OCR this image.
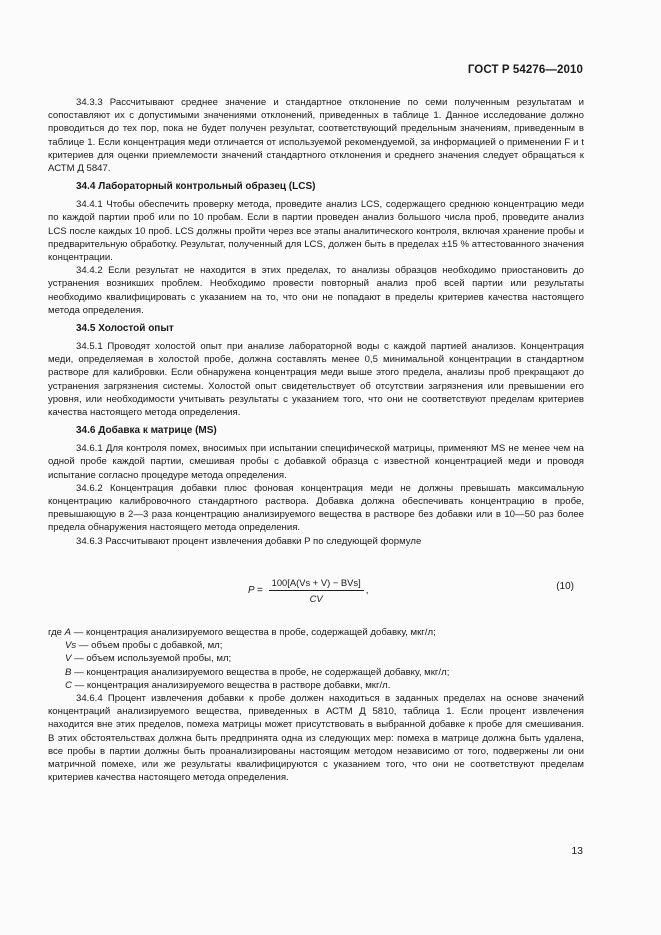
ГОСТ Р 54276—2010

34.3.3 Рассчитывают среднее значение и стандартное отклонение по семи полученным результатам и сопоставляют их с допустимыми значениями отклонений, приведенных в таблице 1. Данное исследование должно проводиться до тех пор, пока не будет получен результат, соответствующий предельным значениям, приведенным в таблице 1. Если концентрация меди отличается от используемой рекомендуемой, за информацией о применении F и t критериев для оценки приемлемости значений стандартного отклонения и среднего значения следует обращаться к АСТМ Д 5847.

34.4 Лабораторный контрольный образец (LCS)

34.4.1 Чтобы обеспечить проверку метода, проведите анализ LCS, содержащего среднюю концентрацию меди по каждой партии проб или по 10 пробам. Если в партии проведен анализ большого числа проб, проведите анализ LCS после каждых 10 проб. LCS должны пройти через все этапы аналитического контроля, включая хранение пробы и предварительную обработку. Результат, полученный для LCS, должен быть в пределах ±15 % аттестованного значения концентрации.

34.4.2 Если результат не находится в этих пределах, то анализы образцов необходимо приостановить до устранения возникших проблем. Необходимо провести повторный анализ проб всей партии или результаты необходимо квалифицировать с указанием на то, что они не попадают в пределы критериев качества настоящего метода определения.

34.5 Холостой опыт

34.5.1 Проводят холостой опыт при анализе лабораторной воды с каждой партией анализов. Концентрация меди, определяемая в холостой пробе, должна составлять менее 0,5 минимальной концентрации в стандартном растворе для калибровки. Если обнаружена концентрация меди выше этого предела, анализы проб прекращают до устранения загрязнения системы. Холостой опыт свидетельствует об отсутствии загрязнения или превышении его уровня, или необходимости учитывать результаты с указанием того, что они не соответствуют пределам критериев качества настоящего метода определения.

34.6 Добавка к матрице (MS)

34.6.1 Для контроля помех, вносимых при испытании специфической матрицы, применяют MS не менее чем на одной пробе каждой партии, смешивая пробы с добавкой образца с известной концентрацией меди и проводя испытание согласно процедуре метода определения.

34.6.2 Концентрация добавки плюс фоновая концентрация меди не должны превышать максимальную концентрацию калибровочного стандартного раствора. Добавка должна обеспечивать концентрацию в пробе, превышающую в 2—3 раза концентрацию анализируемого вещества в растворе без добавки или в 10—50 раз более предела обнаружения настоящего метода определения.

34.6.3 Рассчитывают процент извлечения добавки P по следующей формуле

$P = \frac{\text{100[A(Vs + V) − BVs]}}{CV}$ ,	(10)

где A — концентрация анализируемого вещества в пробе, содержащей добавку, мкг/л;

Vs — объем пробы с добавкой, мл;

V — объем используемой пробы, мл;

B — концентрация анализируемого вещества в пробе, не содержащей добавку, мкг/л;

C — концентрация анализируемого вещества в растворе добавки, мкг/л.

34.6.4 Процент извлечения добавки к пробе должен находиться в заданных пределах на основе значений концентраций анализируемого вещества, приведенных в АСТМ Д 5810, таблица 1. Если процент извлечения находится вне этих пределов, помеха матрицы может присутствовать в выбранной добавке к пробе для смешивания. В этих обстоятельствах должна быть предпринята одна из следующих мер: помеха в матрице должна быть удалена, все пробы в партии должны быть проанализированы настоящим методом независимо от того, подвержены ли они матричной помехе, или же результаты квалифицируются с указанием того, что они не соответствуют пределам критериев качества настоящего метода определения.

13
